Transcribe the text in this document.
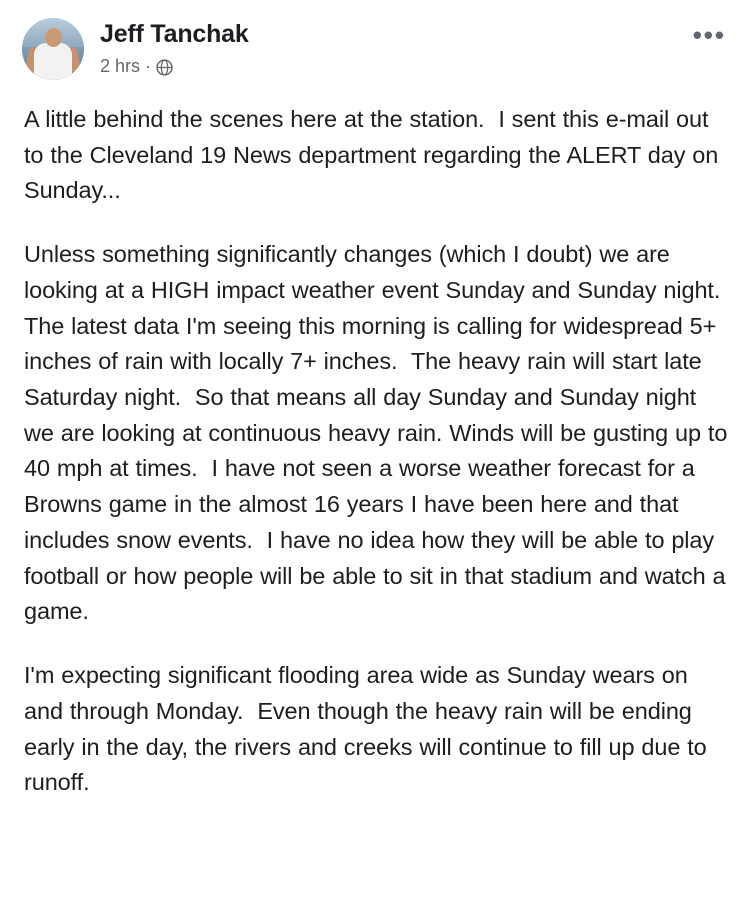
Jeff Tanchak
2 hrs ·
•••

A little behind the scenes here at the station.  I sent this e-mail out to the Cleveland 19 News department regarding the ALERT day on Sunday...

Unless something significantly changes (which I doubt) we are looking at a HIGH impact weather event Sunday and Sunday night.  The latest data I'm seeing this morning is calling for widespread 5+ inches of rain with locally 7+ inches.  The heavy rain will start late Saturday night.  So that means all day Sunday and Sunday night we are looking at continuous heavy rain. Winds will be gusting up to 40 mph at times.  I have not seen a worse weather forecast for a Browns game in the almost 16 years I have been here and that includes snow events.  I have no idea how they will be able to play football or how people will be able to sit in that stadium and watch a game.

I'm expecting significant flooding area wide as Sunday wears on and through Monday.  Even though the heavy rain will be ending early in the day, the rivers and creeks will continue to fill up due to runoff.
